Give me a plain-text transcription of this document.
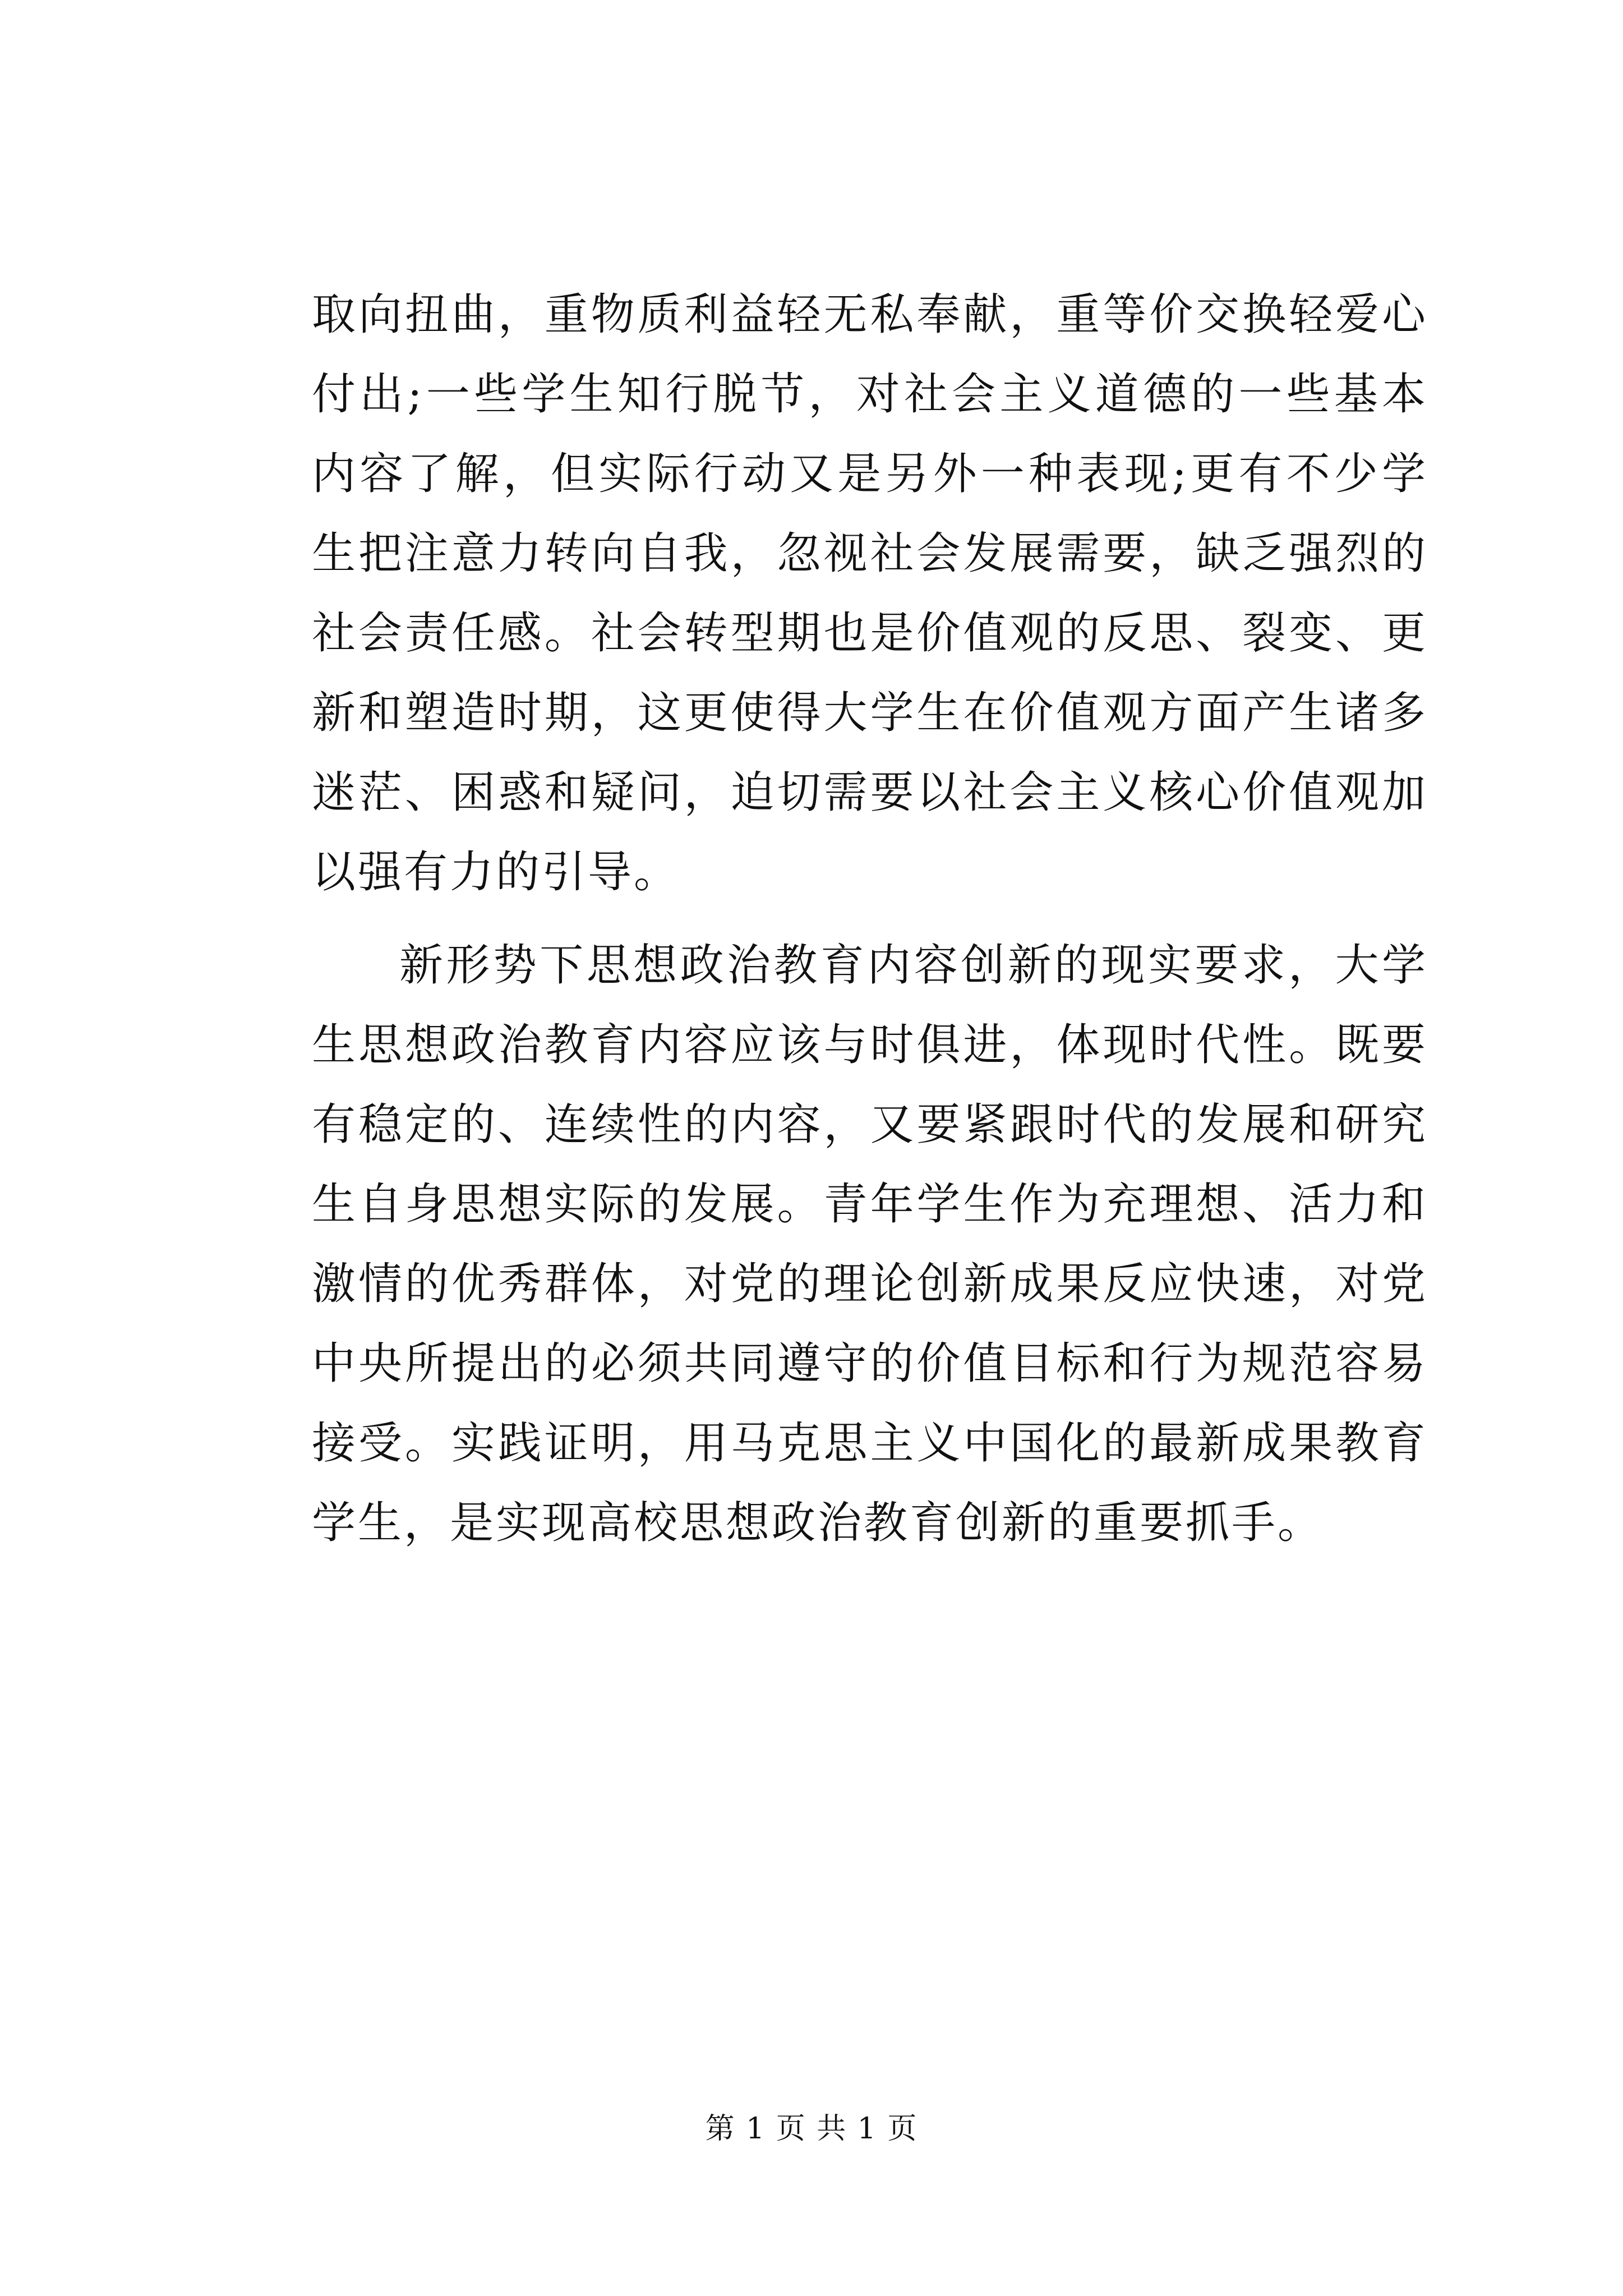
取向扭曲，重物质利益轻无私奉献，重等价交换轻爱心付出;一些学生知行脱节，对社会主义道德的一些基本内容了解，但实际行动又是另外一种表现;更有不少学生把注意力转向自我，忽视社会发展需要，缺乏强烈的社会责任感。社会转型期也是价值观的反思、裂变、更新和塑造时期，这更使得大学生在价值观方面产生诸多迷茫、困惑和疑问，迫切需要以社会主义核心价值观加以强有力的引导。

新形势下思想政治教育内容创新的现实要求，大学生思想政治教育内容应该与时俱进，体现时代性。既要有稳定的、连续性的内容，又要紧跟时代的发展和研究生自身思想实际的发展。青年学生作为充理想、活力和激情的优秀群体，对党的理论创新成果反应快速，对党中央所提出的必须共同遵守的价值目标和行为规范容易接受。实践证明，用马克思主义中国化的最新成果教育学生，是实现高校思想政治教育创新的重要抓手。

第 1 页 共 1 页
